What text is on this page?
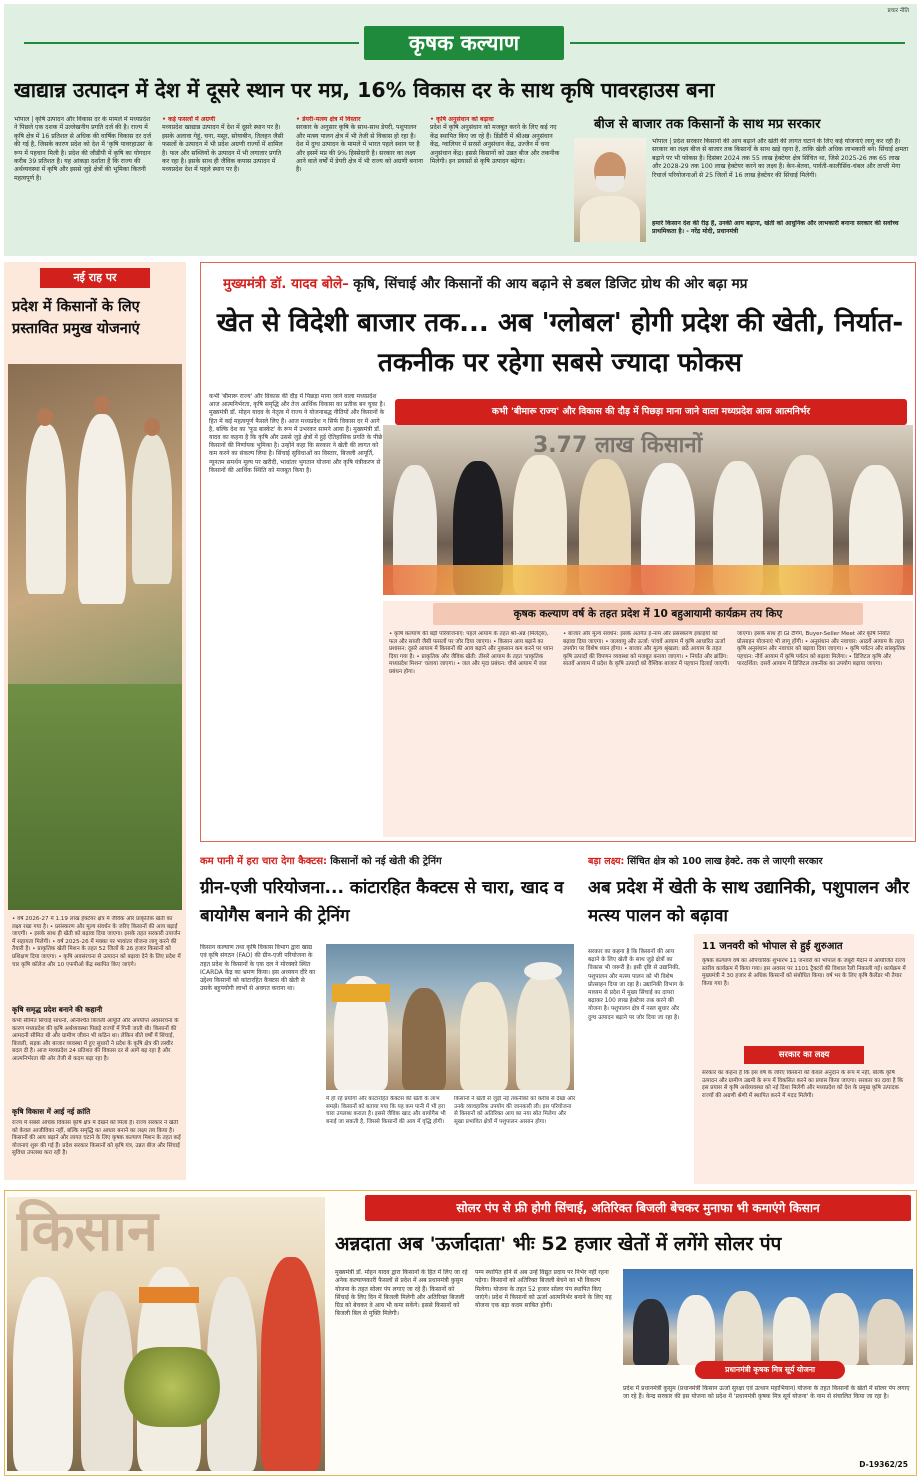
प्रचार नीति
कृषक कल्याण
खाद्यान्न उत्पादन में देश में दूसरे स्थान पर मप्र, 16% विकास दर के साथ कृषि पावरहाउस बना
भोपाल | कृषि उत्पादन और विकास दर के मामले में मध्यप्रदेश ने पिछले एक दशक में उल्लेखनीय प्रगति दर्ज की है। राज्य में कृषि क्षेत्र में 16 प्रतिशत से अधिक की वार्षिक विकास दर दर्ज की गई है, जिसके कारण प्रदेश को देश में 'कृषि पावरहाउस' के रूप में पहचान मिली है। प्रदेश की जीडीपी में कृषि का योगदान करीब 39 प्रतिशत है। यह आंकड़ा दर्शाता है कि राज्य की अर्थव्यवस्था में कृषि और इससे जुड़े क्षेत्रों की भूमिका कितनी महत्वपूर्ण है।
• कई फसलों में अग्रणी
मध्यप्रदेश खाद्यान्न उत्पादन में देश में दूसरे स्थान पर है। इसके अलावा गेहूं, चना, मसूर, सोयाबीन, तिलहन जैसी फसलों के उत्पादन में भी प्रदेश अग्रणी राज्यों में शामिल है। फल और सब्जियों के उत्पादन में भी लगातार प्रगति कर रहा है। इसके साथ ही जैविक कपास उत्पादन में मध्यप्रदेश देश में पहले स्थान पर है।
• डेयरी-मत्स्य क्षेत्र में विस्तार
सरकार के अनुसार कृषि के साथ-साथ डेयरी, पशुपालन और मत्स्य पालन क्षेत्र में भी तेजी से विकास हो रहा है। देश में दुग्ध उत्पादन के मामले में भारत पहले स्थान पर है और इसमें मप्र की 9% हिस्सेदारी है। सरकार का लक्ष्य आने वाले वर्षों में डेयरी क्षेत्र में भी राज्य को अग्रणी बनाना है।
• कृषि अनुसंधान को बढ़ावा
प्रदेश में कृषि अनुसंधान को मजबूत करने के लिए कई नए केंद्र स्थापित किए जा रहे हैं। डिंडौरी में श्रीअन्न अनुसंधान केंद्र, ग्वालियर में सरसों अनुसंधान केंद्र, उज्जैन में चना अनुसंधान केंद्र। इससे किसानों को उन्नत बीज और तकनीक मिलेगी। इन प्रयासों से कृषि उत्पादन बढ़ेगा।
बीज से बाजार तक किसानों के साथ मप्र सरकार
भोपाल | प्रदेश सरकार किसानों की आय बढ़ाने और खेती की लागत घटाने के लिए कई योजनाएं लागू कर रही है। सरकार का लक्ष्य बीज से बाजार तक किसानों के साथ खड़े रहना है, ताकि खेती अधिक लाभकारी बने। सिंचाई क्षमता बढ़ाने पर भी फोकस है। दिसंबर 2024 तक 55 लाख हेक्टेयर क्षेत्र सिंचित था, जिसे 2025-26 तक 65 लाख और 2028-29 तक 100 लाख हेक्टेयर करने का लक्ष्य है। केन-बेतवा, पार्वती-कालीसिंध-चंबल और ताप्ती मेगा रिचार्ज परियोजनाओं से 25 जिलों में 16 लाख हेक्टेयर की सिंचाई मिलेगी।
हमारे किसान देश की रीढ़ हैं, उनकी आय बढ़ाना, खेती को आधुनिक और लाभकारी बनाना सरकार की सर्वोच्च प्राथमिकता है। - नरेंद्र मोदी, प्रधानमंत्री
नई राह पर
प्रदेश में किसानों के लिए प्रस्तावित प्रमुख योजनाएं
• वर्ष 2026-27 में 1.19 लाख हेक्टेयर क्षेत्र में जैविक और प्राकृतिक खेती का लक्ष्य रखा गया है। • प्रसंस्करण और मूल्य संवर्धन के जरिए किसानों की आय बढ़ाई जाएगी। • इसके साथ ही खेती को बढ़ावा दिया जाएगा। इसके तहत सरकारी उपार्जन में सहायता मिलेगी। • वर्ष 2025-26 में मक्का पर भावांतर योजना लागू करने की तैयारी है। • प्राकृतिक खेती मिशन के तहत 52 जिलों के 26 हजार किसानों को प्रशिक्षण दिया जाएगा। • कृषि अवसंरचना से उत्पादन को बढ़ावा देने के लिए प्रदेश में चार कृषि कॉलेज और 10 एफपीओ केंद्र स्थापित किए जाएंगे।
कृषि समृद्ध प्रदेश बनाने की कहानी
कभी सीमित सिंचाई साधनों, अनिश्चित बिजली आपूर्ति और अपर्याप्त अवसंरचना के कारण मध्यप्रदेश की कृषि अर्थव्यवस्था पिछड़े राज्यों में गिनी जाती थी। किसानों की आमदनी सीमित थी और ग्रामीण जीवन भी कठिन था। लेकिन बीते वर्षों में सिंचाई, बिजली, सड़क और बाजार व्यवस्था में हुए सुधारों ने प्रदेश के कृषि क्षेत्र की तस्वीर बदल दी है। आज मध्यप्रदेश 24 प्रतिशत की विकास दर से आगे बढ़ रहा है और आत्मनिर्भरता की ओर तेजी से कदम बढ़ा रहा है।
कृषि विकास में आई नई क्रांति
राज्य में सबसे अधिक विकास कृषि क्षेत्र में देखने को मिला है। राज्य सरकार ने खेती को केवल आजीविका नहीं, बल्कि समृद्धि का आधार बनाने का लक्ष्य तय किया है। किसानों की आय बढ़ाने और लागत घटाने के लिए कृषक कल्याण मिशन के तहत कई योजनाएं शुरू की गई हैं। प्रदेश सरकार किसानों को कृषि यंत्र, उन्नत बीज और सिंचाई सुविधा उपलब्ध करा रही है।
मुख्यमंत्री डॉ. यादव बोले– कृषि, सिंचाई और किसानों की आय बढ़ाने से डबल डिजिट ग्रोथ की ओर बढ़ा मप्र
खेत से विदेशी बाजार तक... अब 'ग्लोबल' होगी प्रदेश की खेती, निर्यात-तकनीक पर रहेगा सबसे ज्यादा फोकस
कभी 'बीमारू राज्य' और विकास की दौड़ में पिछड़ा माना जाने वाला मध्यप्रदेश आज आत्मनिर्भरता, कृषि समृद्धि और तेज आर्थिक विकास का प्रतीक बन चुका है। मुख्यमंत्री डॉ. मोहन यादव के नेतृत्व में राज्य ने योजनाबद्ध नीतियों और किसानों के हित में कई महत्वपूर्ण फैसले लिए हैं। आज मध्यप्रदेश न सिर्फ विकास दर में आगे है, बल्कि देश का 'फूड बास्केट' के रूप में उभरकर सामने आया है। मुख्यमंत्री डॉ. यादव का कहना है कि कृषि और उससे जुड़े क्षेत्रों में हुई ऐतिहासिक प्रगति के पीछे किसानों की निर्णायक भूमिका है। उन्होंने कहा कि सरकार ने खेती की लागत को कम करने का संकल्प लिया है। सिंचाई सुविधाओं का विस्तार, बिजली आपूर्ति, न्यूनतम समर्थन मूल्य पर खरीदी, भावांतर भुगतान योजना और कृषि यंत्रीकरण से किसानों की आर्थिक स्थिति को मजबूत किया है।
कभी 'बीमारू राज्य' और विकास की दौड़ में पिछड़ा माना जाने वाला मध्यप्रदेश आज आत्मनिर्भर
3.77 लाख किसानों
कृषक कल्याण वर्ष के तहत प्रदेश में 10 बहुआयामी कार्यक्रम तय किए
• कृषि कल्याण की बड़ी परियोजनाएं: पहले आयाम के तहत श्री-अन्न (मिलेट्स), फल और सब्जी जैसी फसलों पर जोर दिया जाएगा। • किसान आय बढ़ाने का प्रशासन: दूसरे आयाम में किसानों की आय बढ़ाने और नुकसान कम करने पर ध्यान दिया गया है। • प्राकृतिक और जैविक खेती: तीसरे आयाम के तहत 'प्राकृतिक मध्यप्रदेश मिशन' चलाया जाएगा। • जल और मृदा प्रबंधन: चौथे आयाम में जल प्रबंधन होगा।
• बाजार और मूल्य संवर्धन: इसके अंतर्गत ई-नाम और प्रसंस्करण इकाइयों को बढ़ावा दिया जाएगा। • जलवायु और ऊर्जा: पांचवें आयाम में कृषि आधारित ऊर्जा उपयोग पर विशेष ध्यान होगा। • बाजार और मूल्य श्रृंखला: छठे आयाम के तहत कृषि उत्पादों की विपणन व्यवस्था को मजबूत बनाया जाएगा। • निर्यात और ब्रांडिंग: सातवें आयाम में प्रदेश के कृषि उत्पादों को वैश्विक बाजार में पहचान दिलाई जाएगी।
जाएगा। इसके साथ ही GI टैगिंग, Buyer-Seller Meet और कृषि निर्यात प्रोत्साहन योजनाएं भी लागू होंगी। • अनुसंधान और नवाचार: आठवें आयाम के तहत कृषि अनुसंधान और नवाचार को बढ़ावा दिया जाएगा। • कृषि पर्यटन और सांस्कृतिक पहचान: नौवें आयाम में कृषि पर्यटन को बढ़ावा मिलेगा। • डिजिटल कृषि और पारदर्शिता: दसवें आयाम में डिजिटल तकनीक का उपयोग बढ़ाया जाएगा।
कम पानी में हरा चारा देगा कैक्टस: किसानों को नई खेती की ट्रेनिंग
ग्रीन-एजी परियोजना... कांटारहित कैक्टस से चारा, खाद व बायोगैस बनाने की ट्रेनिंग
किसान कल्याण तथा कृषि विकास विभाग द्वारा खाद्य एवं कृषि संगठन (FAO) की ग्रीन-एजी परियोजना के तहत प्रदेश के किसानों के एक दल ने मोरक्को स्थित ICARDA केंद्र का भ्रमण किया। इस अध्ययन दौरे का उद्देश्य किसानों को कांटारहित कैक्टस की खेती से उसके बहुपयोगी लाभों से अवगत कराना था।
में हो रहे प्रयोगों और कांटारहित कैक्टस की खेती के लाभ समझे। किसानों को बताया गया कि यह कम पानी में भी हरा चारा उपलब्ध कराता है। इससे जैविक खाद और बायोगैस भी बनाई जा सकती है, जिससे किसानों की आय में वृद्धि होगी।
किसानों ने खेती से जुड़ी नई तकनीकों को करीब से देखा और उनके व्यावहारिक उपयोग की जानकारी ली। इस परियोजना से किसानों को अतिरिक्त आय का नया स्रोत मिलेगा और सूखा प्रभावित क्षेत्रों में पशुपालन आसान होगा।
बड़ा लक्ष्य: सिंचित क्षेत्र को 100 लाख हेक्टे. तक ले जाएगी सरकार
अब प्रदेश में खेती के साथ उद्यानिकी, पशुपालन और मत्स्य पालन को बढ़ावा
सरकार का कहना है कि किसानों की आय बढ़ाने के लिए खेती के साथ जुड़े क्षेत्रों का विकास भी जरूरी है। इसी दृष्टि से उद्यानिकी, पशुपालन और मत्स्य पालन को भी विशेष प्रोत्साहन दिया जा रहा है। उद्यानिकी विभाग के माध्यम से प्रदेश में मुख्य सिंचाई का दायरा बढ़ाकर 100 लाख हेक्टेयर तक करने की योजना है। पशुपालन क्षेत्र में नस्ल सुधार और दुग्ध उत्पादन बढ़ाने पर जोर दिया जा रहा है।
11 जनवरी को भोपाल से हुई शुरुआत
कृषक कल्याण वर्ष का औपचारिक शुभारंभ 11 जनवरी को भोपाल के जंबूरी मैदान में आयोजित राज्य स्तरीय कार्यक्रम में किया गया। इस अवसर पर 1101 ट्रैक्टरों की विशाल रैली निकाली गई। कार्यक्रम में मुख्यमंत्री ने 30 हजार से अधिक किसानों को संबोधित किया। वर्ष भर के लिए कृषि कैलेंडर भी तैयार किया गया है।
सरकार का लक्ष्य
सरकार का कहना है कि इस वर्ष के जरिए किसानों को केवल अनुदान के रूप में नहीं, बल्कि कृषि उत्पादन और ग्रामीण उद्यमी के रूप में विकसित करने का प्रयास किया जाएगा। सरकार का दावा है कि इस प्रयास से कृषि अर्थव्यवस्था को नई दिशा मिलेगी और मध्यप्रदेश को देश के प्रमुख कृषि उत्पादक राज्यों की अग्रणी श्रेणी में स्थापित करने में मदद मिलेगी।
सोलर पंप से फ्री होगी सिंचाई, अतिरिक्त बिजली बेचकर मुनाफा भी कमाएंगे किसान
किसान	अन्नदाता अब 'ऊर्जादाता' भीः 52 हजार खेतों में लगेंगे सोलर पंप
मुख्यमंत्री डॉ. मोहन यादव द्वारा किसानों के हित में लिए जा रहे अनेक कल्याणकारी फैसलों से प्रदेश में अब प्रधानमंत्री कुसुम योजना के तहत सोलर पंप लगाए जा रहे हैं। किसानों को सिंचाई के लिए दिन में बिजली मिलेगी और अतिरिक्त बिजली ग्रिड को बेचकर वे आय भी कमा सकेंगे। इससे किसानों को बिजली बिल से मुक्ति मिलेगी।
पम्प स्थापित होने से अब उन्हें विद्युत प्रदाय पर निर्भर नहीं रहना पड़ेगा। किसानों को अतिरिक्त बिजली बेचने का भी विकल्प मिलेगा। योजना के तहत 52 हजार सोलर पंप स्थापित किए जाएंगे। प्रदेश में किसानों को ऊर्जा आत्मनिर्भर बनाने के लिए यह योजना एक बड़ा कदम साबित होगी।
प्रधानमंत्री कृषक मित्र सूर्य योजना
प्रदेश में प्रधानमंत्री कुसुम (प्रधानमंत्री किसान ऊर्जा सुरक्षा एवं उत्थान महाभियान) योजना के तहत किसानों के खेतों में सोलर पंप लगाए जा रहे हैं। केन्द्र सरकार की इस योजना को प्रदेश में 'प्रधानमंत्री कृषक मित्र सूर्य योजना' के नाम से संचालित किया जा रहा है।
D-19362/25
